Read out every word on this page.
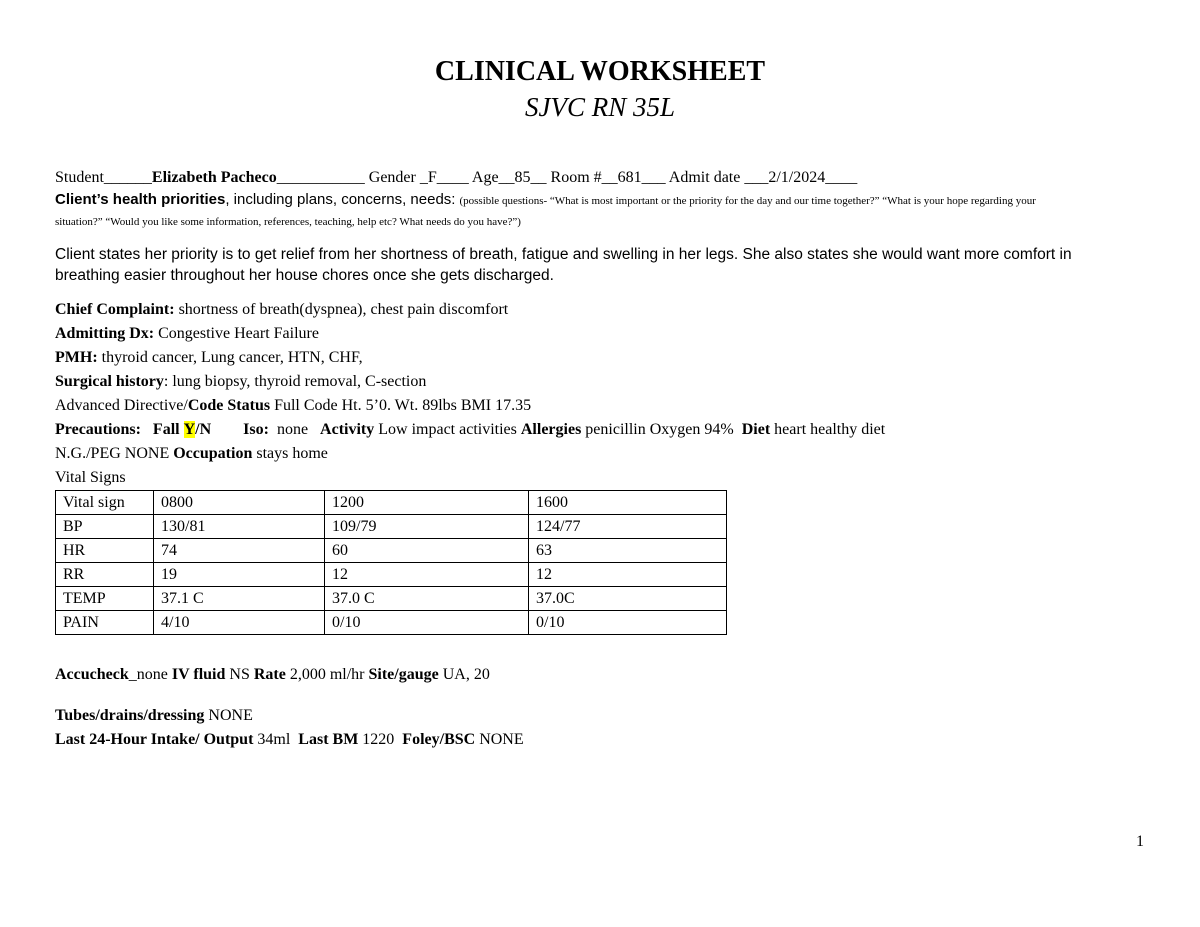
CLINICAL WORKSHEET
SJVC RN 35L
Student______Elizabeth Pacheco___________ Gender _F____ Age__85__ Room #__681___ Admit date ___2/1/2024____
Client’s health priorities, including plans, concerns, needs: (possible questions- “What is most important or the priority for the day and our time together?” “What is your hope regarding your
situation?” “Would you like some information, references, teaching, help etc? What needs do you have?”)
Client states her priority is to get relief from her shortness of breath, fatigue and swelling in her legs. She also states she would want more comfort in
breathing easier throughout her house chores once she gets discharged.
Chief Complaint: shortness of breath(dyspnea), chest pain discomfort
Admitting Dx: Congestive Heart Failure
PMH: thyroid cancer, Lung cancer, HTN, CHF,
Surgical history: lung biopsy, thyroid removal, C-section
Advanced Directive/Code Status Full Code Ht. 5’0. Wt. 89lbs BMI 17.35
Precautions: Fall Y/N Iso: none Activity Low impact activities Allergies penicillin Oxygen 94% Diet heart healthy diet
N.G./PEG NONE Occupation stays home
Vital Signs
Vital sign	0800	1200	1600
BP	130/81	109/79	124/77
HR	74	60	63
RR	19	12	12
TEMP	37.1 C	37.0 C	37.0C
PAIN	4/10	0/10	0/10
Accucheck_none IV fluid NS Rate 2,000 ml/hr Site/gauge UA, 20
Tubes/drains/dressing NONE
Last 24-Hour Intake/ Output 34ml Last BM 1220 Foley/BSC NONE
1
